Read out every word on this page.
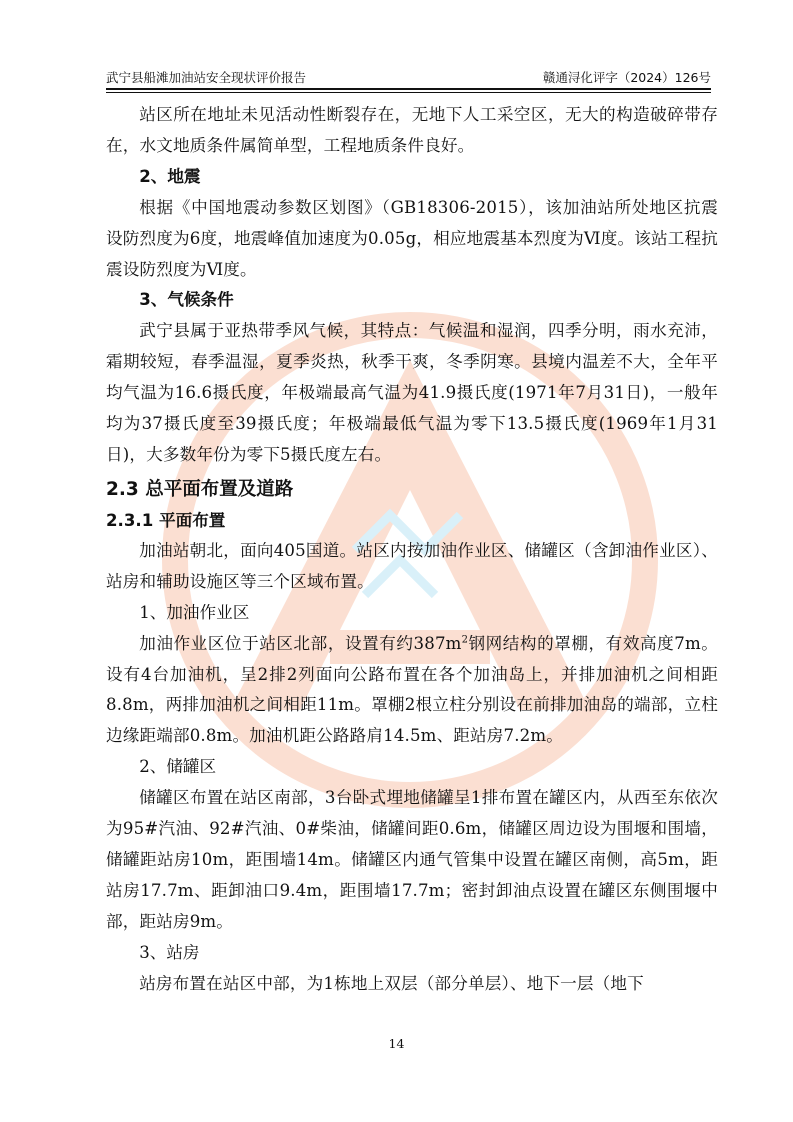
武宁县船滩加油站安全现状评价报告	赣通浔化评字（2024）126号

站区所在地址未见活动性断裂存在，无地下人工采空区，无大的构造破碎带存在，水文地质条件属简单型，工程地质条件良好。

2、地震

根据《中国地震动参数区划图》（GB18306-2015），该加油站所处地区抗震设防烈度为6度，地震峰值加速度为0.05g，相应地震基本烈度为Ⅵ度。该站工程抗震设防烈度为Ⅵ度。

3、气候条件

武宁县属于亚热带季风气候，其特点：气候温和湿润，四季分明，雨水充沛，霜期较短，春季温湿，夏季炎热，秋季干爽，冬季阴寒。县境内温差不大，全年平均气温为16.6摄氏度，年极端最高气温为41.9摄氏度(1971年7月31日)，一般年均为37摄氏度至39摄氏度；年极端最低气温为零下13.5摄氏度(1969年1月31日)，大多数年份为零下5摄氏度左右。

2.3 总平面布置及道路

2.3.1 平面布置

加油站朝北，面向405国道。站区内按加油作业区、储罐区（含卸油作业区）、站房和辅助设施区等三个区域布置。

1、加油作业区

加油作业区位于站区北部，设置有约$387m^2$钢网结构的罩棚，有效高度7m。设有4台加油机，呈2排2列面向公路布置在各个加油岛上，并排加油机之间相距8.8m，两排加油机之间相距11m。罩棚2根立柱分别设在前排加油岛的端部，立柱边缘距端部0.8m。加油机距公路路肩14.5m、距站房7.2m。

2、储罐区

储罐区布置在站区南部，3台卧式埋地储罐呈1排布置在罐区内，从西至东依次为95#汽油、92#汽油、0#柴油，储罐间距0.6m，储罐区周边设为围堰和围墙，储罐距站房10m，距围墙14m。储罐区内通气管集中设置在罐区南侧，高5m，距站房17.7m、距卸油口9.4m，距围墙17.7m；密封卸油点设置在罐区东侧围堰中部，距站房9m。

3、站房

站房布置在站区中部，为1栋地上双层（部分单层）、地下一层（地下

14
